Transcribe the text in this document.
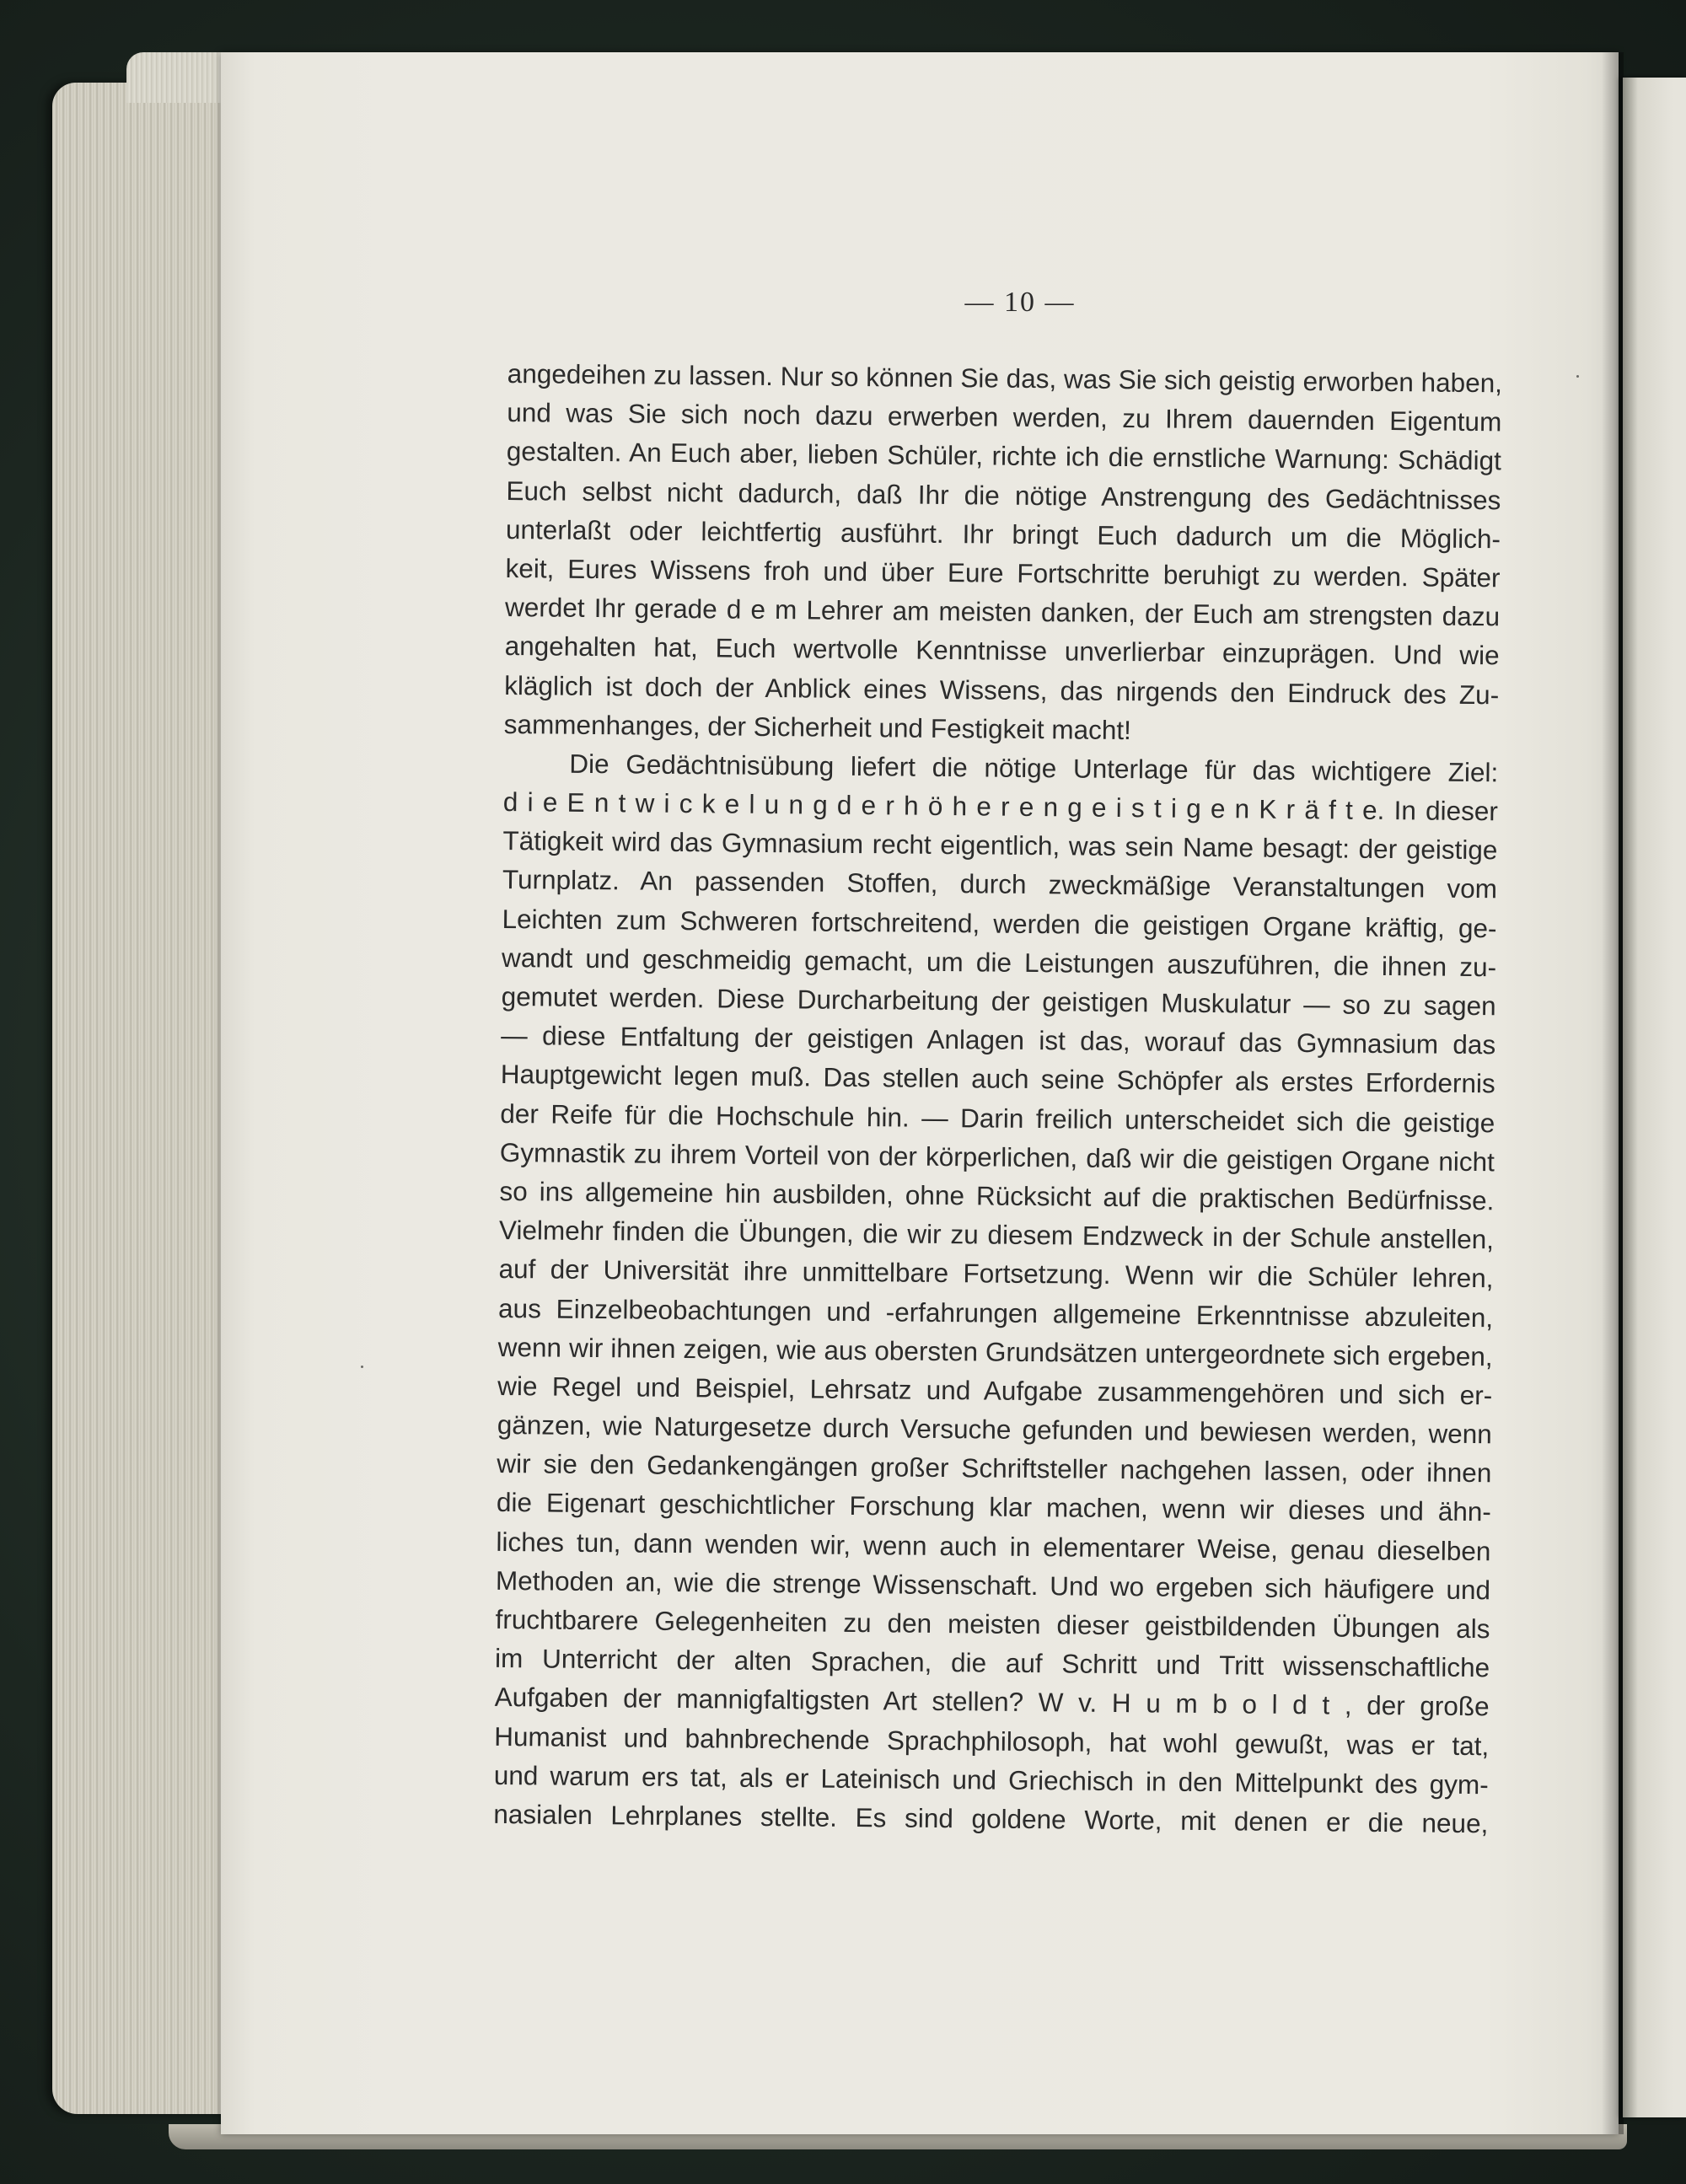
— 10 —
angedeihen zu lassen. Nur so können Sie das, was Sie sich geistig erworben haben,
und was Sie sich noch dazu erwerben werden, zu Ihrem dauernden Eigentum
gestalten. An Euch aber, lieben Schüler, richte ich die ernstliche Warnung: Schädigt
Euch selbst nicht dadurch, daß Ihr die nötige Anstrengung des Gedächtnisses
unterlaßt oder leichtfertig ausführt. Ihr bringt Euch dadurch um die Möglich-
keit, Eures Wissens froh und über Eure Fortschritte beruhigt zu werden. Später
werdet Ihr gerade d e m Lehrer am meisten danken, der Euch am strengsten dazu
angehalten hat, Euch wertvolle Kenntnisse unverlierbar einzuprägen. Und wie
kläglich ist doch der Anblick eines Wissens, das nirgends den Eindruck des Zu-
sammenhanges, der Sicherheit und Festigkeit macht!
Die Gedächtnisübung liefert die nötige Unterlage für das wichtigere Ziel:
d i e E n t w i c k e l u n g d e r h ö h e r e n g e i s t i g e n K r ä f t e. In dieser
Tätigkeit wird das Gymnasium recht eigentlich, was sein Name besagt: der geistige
Turnplatz. An passenden Stoffen, durch zweckmäßige Veranstaltungen vom
Leichten zum Schweren fortschreitend, werden die geistigen Organe kräftig, ge-
wandt und geschmeidig gemacht, um die Leistungen auszuführen, die ihnen zu-
gemutet werden. Diese Durcharbeitung der geistigen Muskulatur — so zu sagen
— diese Entfaltung der geistigen Anlagen ist das, worauf das Gymnasium das
Hauptgewicht legen muß. Das stellen auch seine Schöpfer als erstes Erfordernis
der Reife für die Hochschule hin. — Darin freilich unterscheidet sich die geistige
Gymnastik zu ihrem Vorteil von der körperlichen, daß wir die geistigen Organe nicht
so ins allgemeine hin ausbilden, ohne Rücksicht auf die praktischen Bedürfnisse.
Vielmehr finden die Übungen, die wir zu diesem Endzweck in der Schule anstellen,
auf der Universität ihre unmittelbare Fortsetzung. Wenn wir die Schüler lehren,
aus Einzelbeobachtungen und -erfahrungen allgemeine Erkenntnisse abzuleiten,
wenn wir ihnen zeigen, wie aus obersten Grundsätzen untergeordnete sich ergeben,
wie Regel und Beispiel, Lehrsatz und Aufgabe zusammengehören und sich er-
gänzen, wie Naturgesetze durch Versuche gefunden und bewiesen werden, wenn
wir sie den Gedankengängen großer Schriftsteller nachgehen lassen, oder ihnen
die Eigenart geschichtlicher Forschung klar machen, wenn wir dieses und ähn-
liches tun, dann wenden wir, wenn auch in elementarer Weise, genau dieselben
Methoden an, wie die strenge Wissenschaft. Und wo ergeben sich häufigere und
fruchtbarere Gelegenheiten zu den meisten dieser geistbildenden Übungen als
im Unterricht der alten Sprachen, die auf Schritt und Tritt wissenschaftliche
Aufgaben der mannigfaltigsten Art stellen? W v. H u m b o l d t , der große
Humanist und bahnbrechende Sprachphilosoph, hat wohl gewußt, was er tat,
und warum ers tat, als er Lateinisch und Griechisch in den Mittelpunkt des gym-
nasialen Lehrplanes stellte. Es sind goldene Worte, mit denen er die neue,
